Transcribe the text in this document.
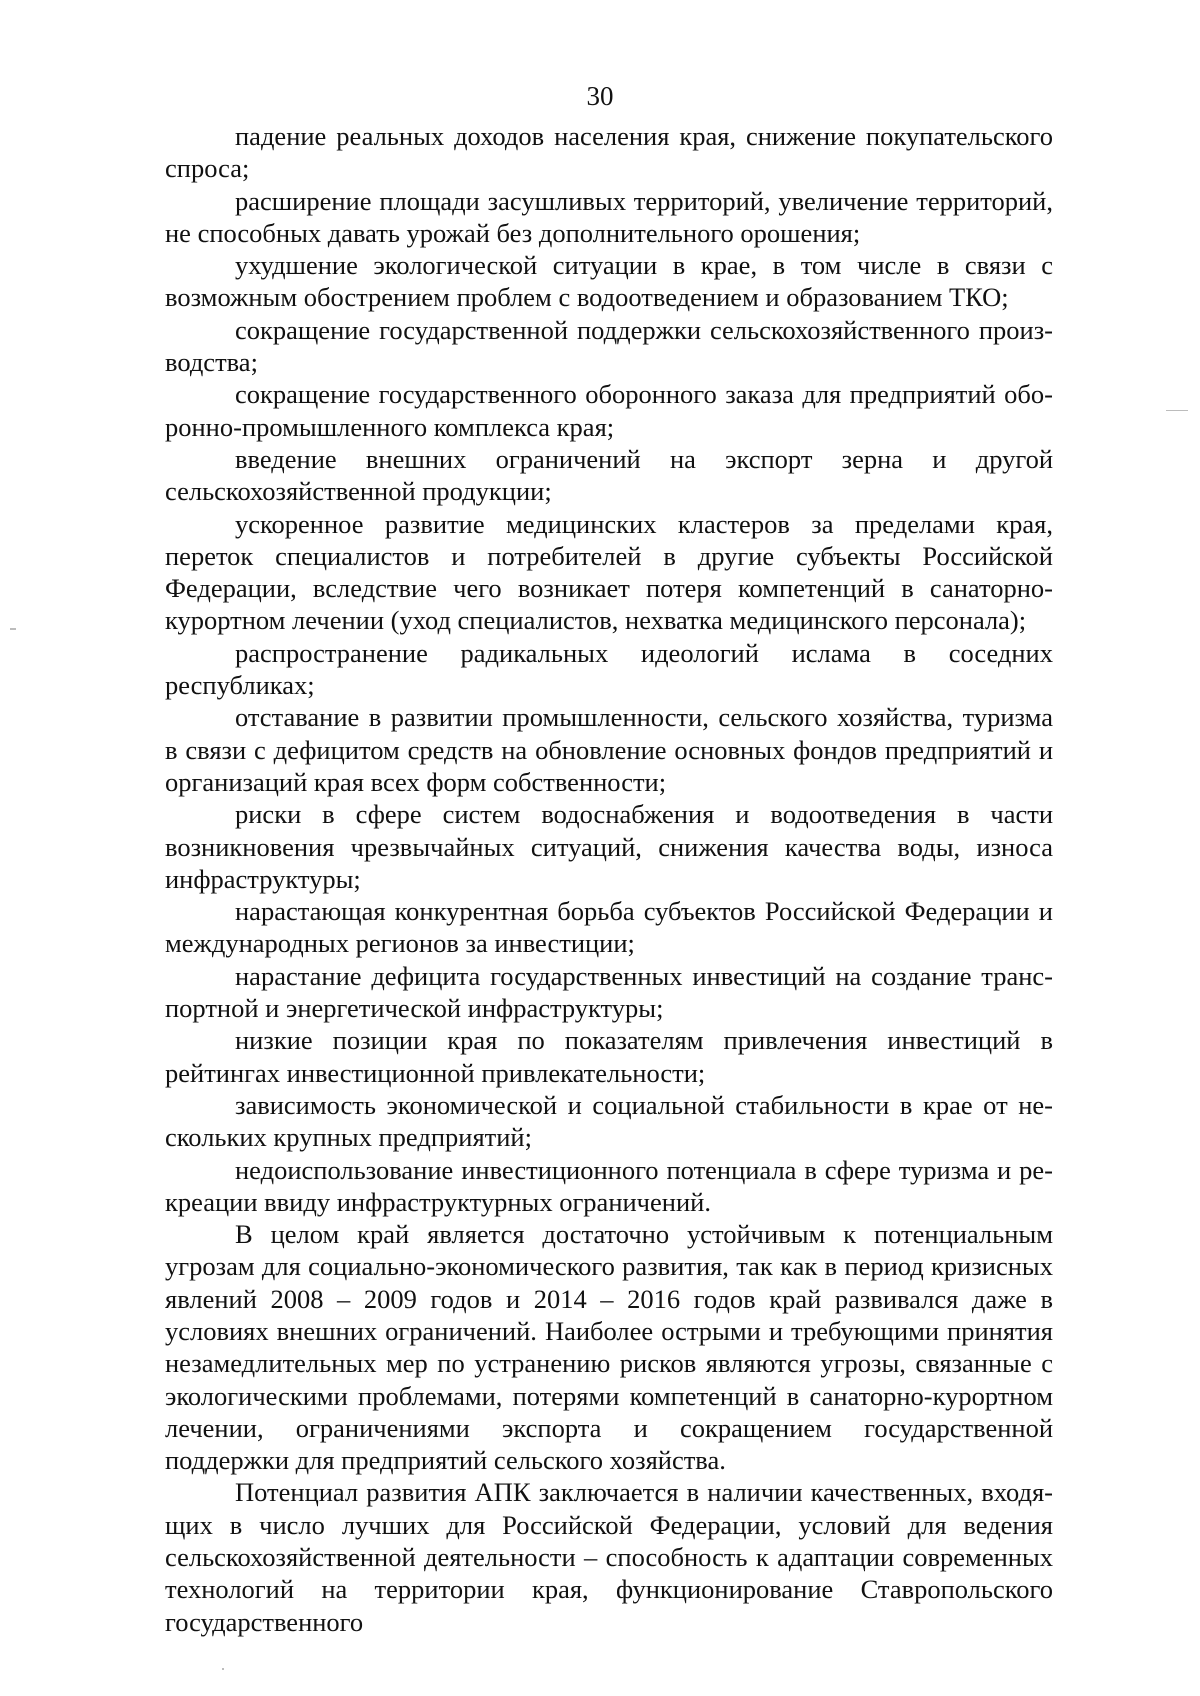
30

падение реальных доходов населения края, снижение покупательского спроса;

расширение площади засушливых территорий, увеличение территорий, не способных давать урожай без дополнительного орошения;

ухудшение экологической ситуации в крае, в том числе в связи с возможным обострением проблем с водоотведением и образованием ТКО;

сокращение государственной поддержки сельскохозяйственного производства;

сокращение государственного оборонного заказа для предприятий оборонно-промышленного комплекса края;

введение внешних ограничений на экспорт зерна и другой сельскохозяйственной продукции;

ускоренное развитие медицинских кластеров за пределами края, переток специалистов и потребителей в другие субъекты Российской Федерации, вследствие чего возникает потеря компетенций в санаторно-курортном лечении (уход специалистов, нехватка медицинского персонала);

распространение радикальных идеологий ислама в соседних республиках;

отставание в развитии промышленности, сельского хозяйства, туризма в связи с дефицитом средств на обновление основных фондов предприятий и организаций края всех форм собственности;

риски в сфере систем водоснабжения и водоотведения в части возникновения чрезвычайных ситуаций, снижения качества воды, износа инфраструктуры;

нарастающая конкурентная борьба субъектов Российской Федерации и международных регионов за инвестиции;

нарастание дефицита государственных инвестиций на создание транспортной и энергетической инфраструктуры;

низкие позиции края по показателям привлечения инвестиций в рейтингах инвестиционной привлекательности;

зависимость экономической и социальной стабильности в крае от нескольких крупных предприятий;

недоиспользование инвестиционного потенциала в сфере туризма и рекреации ввиду инфраструктурных ограничений.

В целом край является достаточно устойчивым к потенциальным угрозам для социально-экономического развития, так как в период кризисных явлений 2008 – 2009 годов и 2014 – 2016 годов край развивался даже в условиях внешних ограничений. Наиболее острыми и требующими принятия незамедлительных мер по устранению рисков являются угрозы, связанные с экологическими проблемами, потерями компетенций в санаторно-курортном лечении, ограничениями экспорта и сокращением государственной поддержки для предприятий сельского хозяйства.

Потенциал развития АПК заключается в наличии качественных, входящих в число лучших для Российской Федерации, условий для ведения сельскохозяйственной деятельности – способность к адаптации современных технологий на территории края, функционирование Ставропольского государственного
